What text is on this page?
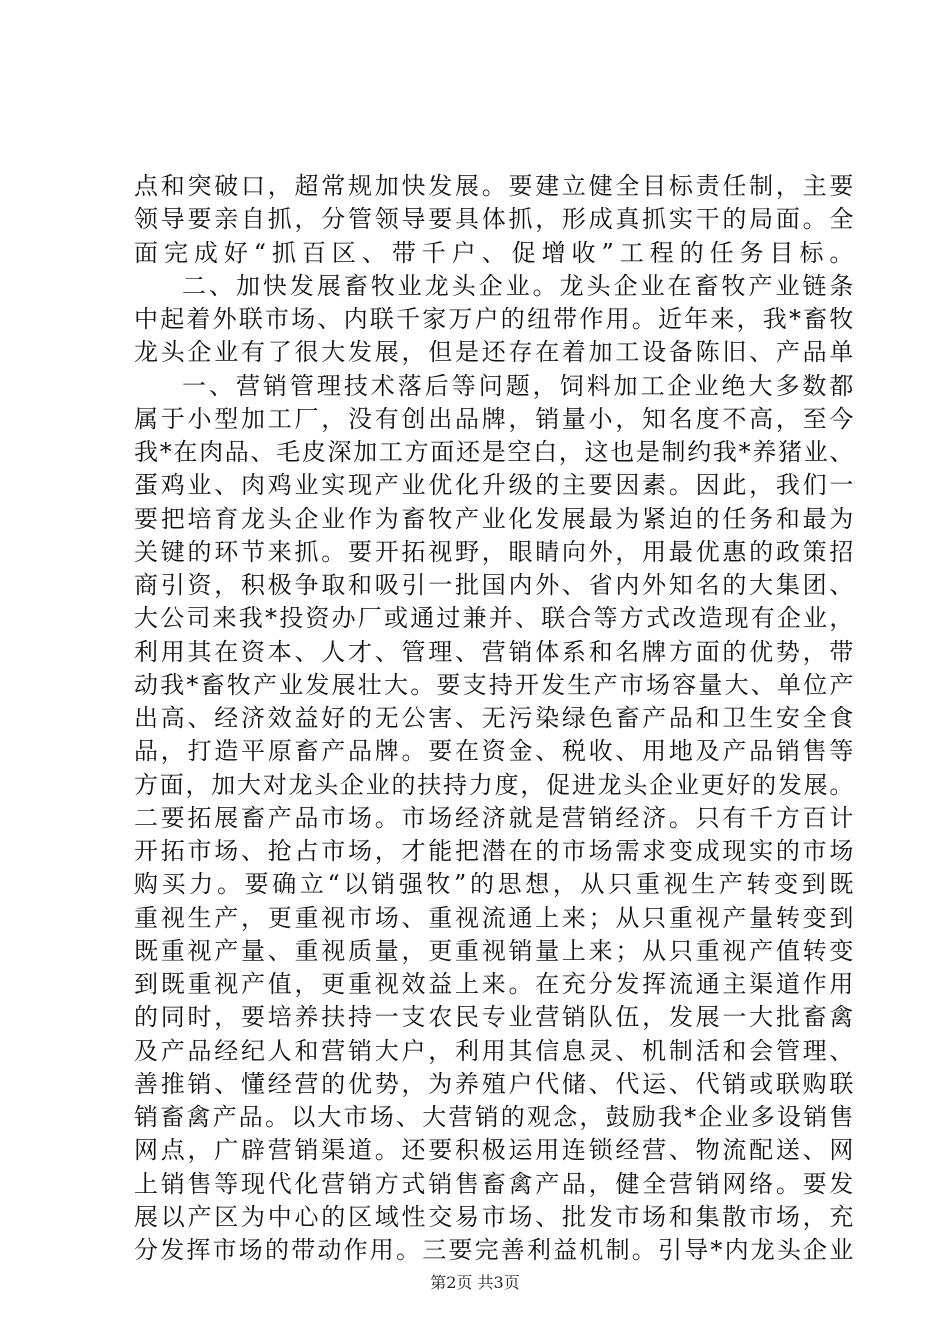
点和突破口，超常规加快发展。要建立健全目标责任制，主要
领导要亲自抓，分管领导要具体抓，形成真抓实干的局面。全
面完成好“抓百区、带千户、促增收”工程的任务目标。
二、加快发展畜牧业龙头企业。龙头企业在畜牧产业链条
中起着外联市场、内联千家万户的纽带作用。近年来，我*畜牧
龙头企业有了很大发展，但是还存在着加工设备陈旧、产品单
一、营销管理技术落后等问题，饲料加工企业绝大多数都
属于小型加工厂，没有创出品牌，销量小，知名度不高，至今
我*在肉品、毛皮深加工方面还是空白，这也是制约我*养猪业、
蛋鸡业、肉鸡业实现产业优化升级的主要因素。因此，我们一
要把培育龙头企业作为畜牧产业化发展最为紧迫的任务和最为
关键的环节来抓。要开拓视野，眼睛向外，用最优惠的政策招
商引资，积极争取和吸引一批国内外、省内外知名的大集团、
大公司来我*投资办厂或通过兼并、联合等方式改造现有企业，
利用其在资本、人才、管理、营销体系和名牌方面的优势，带
动我*畜牧产业发展壮大。要支持开发生产市场容量大、单位产
出高、经济效益好的无公害、无污染绿色畜产品和卫生安全食
品，打造平原畜产品牌。要在资金、税收、用地及产品销售等
方面，加大对龙头企业的扶持力度，促进龙头企业更好的发展。
二要拓展畜产品市场。市场经济就是营销经济。只有千方百计
开拓市场、抢占市场，才能把潜在的市场需求变成现实的市场
购买力。要确立“以销强牧”的思想，从只重视生产转变到既
重视生产，更重视市场、重视流通上来；从只重视产量转变到
既重视产量、重视质量，更重视销量上来；从只重视产值转变
到既重视产值，更重视效益上来。在充分发挥流通主渠道作用
的同时，要培养扶持一支农民专业营销队伍，发展一大批畜禽
及产品经纪人和营销大户，利用其信息灵、机制活和会管理、
善推销、懂经营的优势，为养殖户代储、代运、代销或联购联
销畜禽产品。以大市场、大营销的观念，鼓励我*企业多设销售
网点，广辟营销渠道。还要积极运用连锁经营、物流配送、网
上销售等现代化营销方式销售畜禽产品，健全营销网络。要发
展以产区为中心的区域性交易市场、批发市场和集散市场，充
分发挥市场的带动作用。三要完善利益机制。引导*内龙头企业
第2页 共3页
